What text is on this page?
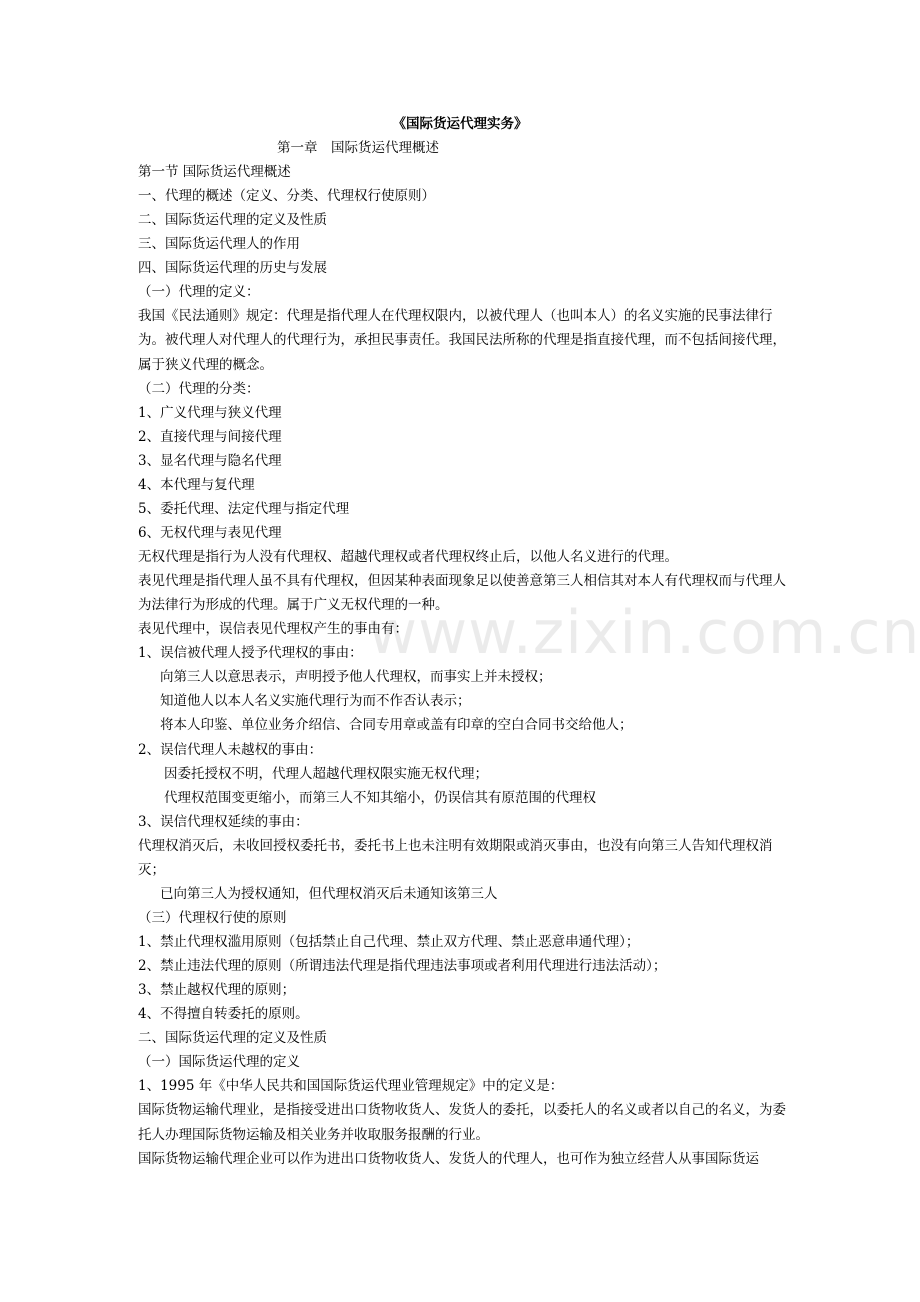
《国际货运代理实务》
第一章　国际货运代理概述
第一节 国际货运代理概述
一、代理的概述（定义、分类、代理权行使原则）
二、国际货运代理的定义及性质
三、国际货运代理人的作用
四、国际货运代理的历史与发展
（一）代理的定义：
我国《民法通则》规定：代理是指代理人在代理权限内，以被代理人（也叫本人）的名义实施的民事法律行为。被代理人对代理人的代理行为，承担民事责任。我国民法所称的代理是指直接代理，而不包括间接代理，属于狭义代理的概念。
（二）代理的分类：
1、广义代理与狭义代理
2、直接代理与间接代理
3、显名代理与隐名代理
4、本代理与复代理
5、委托代理、法定代理与指定代理
6、无权代理与表见代理
无权代理是指行为人没有代理权、超越代理权或者代理权终止后，以他人名义进行的代理。
表见代理是指代理人虽不具有代理权，但因某种表面现象足以使善意第三人相信其对本人有代理权而与代理人为法律行为形成的代理。属于广义无权代理的一种。
表见代理中，误信表见代理权产生的事由有：
1、误信被代理人授予代理权的事由：
向第三人以意思表示，声明授予他人代理权，而事实上并未授权；
知道他人以本人名义实施代理行为而不作否认表示；
将本人印鉴、单位业务介绍信、合同专用章或盖有印章的空白合同书交给他人；
2、误信代理人未越权的事由：
因委托授权不明，代理人超越代理权限实施无权代理；
代理权范围变更缩小，而第三人不知其缩小，仍误信其有原范围的代理权
3、误信代理权延续的事由：
代理权消灭后，未收回授权委托书，委托书上也未注明有效期限或消灭事由，也没有向第三人告知代理权消灭；
已向第三人为授权通知，但代理权消灭后未通知该第三人
（三）代理权行使的原则
1、禁止代理权滥用原则（包括禁止自己代理、禁止双方代理、禁止恶意串通代理）；
2、禁止违法代理的原则（所谓违法代理是指代理违法事项或者利用代理进行违法活动）；
3、禁止越权代理的原则；
4、不得擅自转委托的原则。
二、国际货运代理的定义及性质
（一）国际货运代理的定义
1、1995 年《中华人民共和国国际货运代理业管理规定》中的定义是：
国际货物运输代理业，是指接受进出口货物收货人、发货人的委托，以委托人的名义或者以自己的名义，为委托人办理国际货物运输及相关业务并收取服务报酬的行业。
国际货物运输代理企业可以作为进出口货物收货人、发货人的代理人，也可作为独立经营人从事国际货运
www.zixin.com.cn
